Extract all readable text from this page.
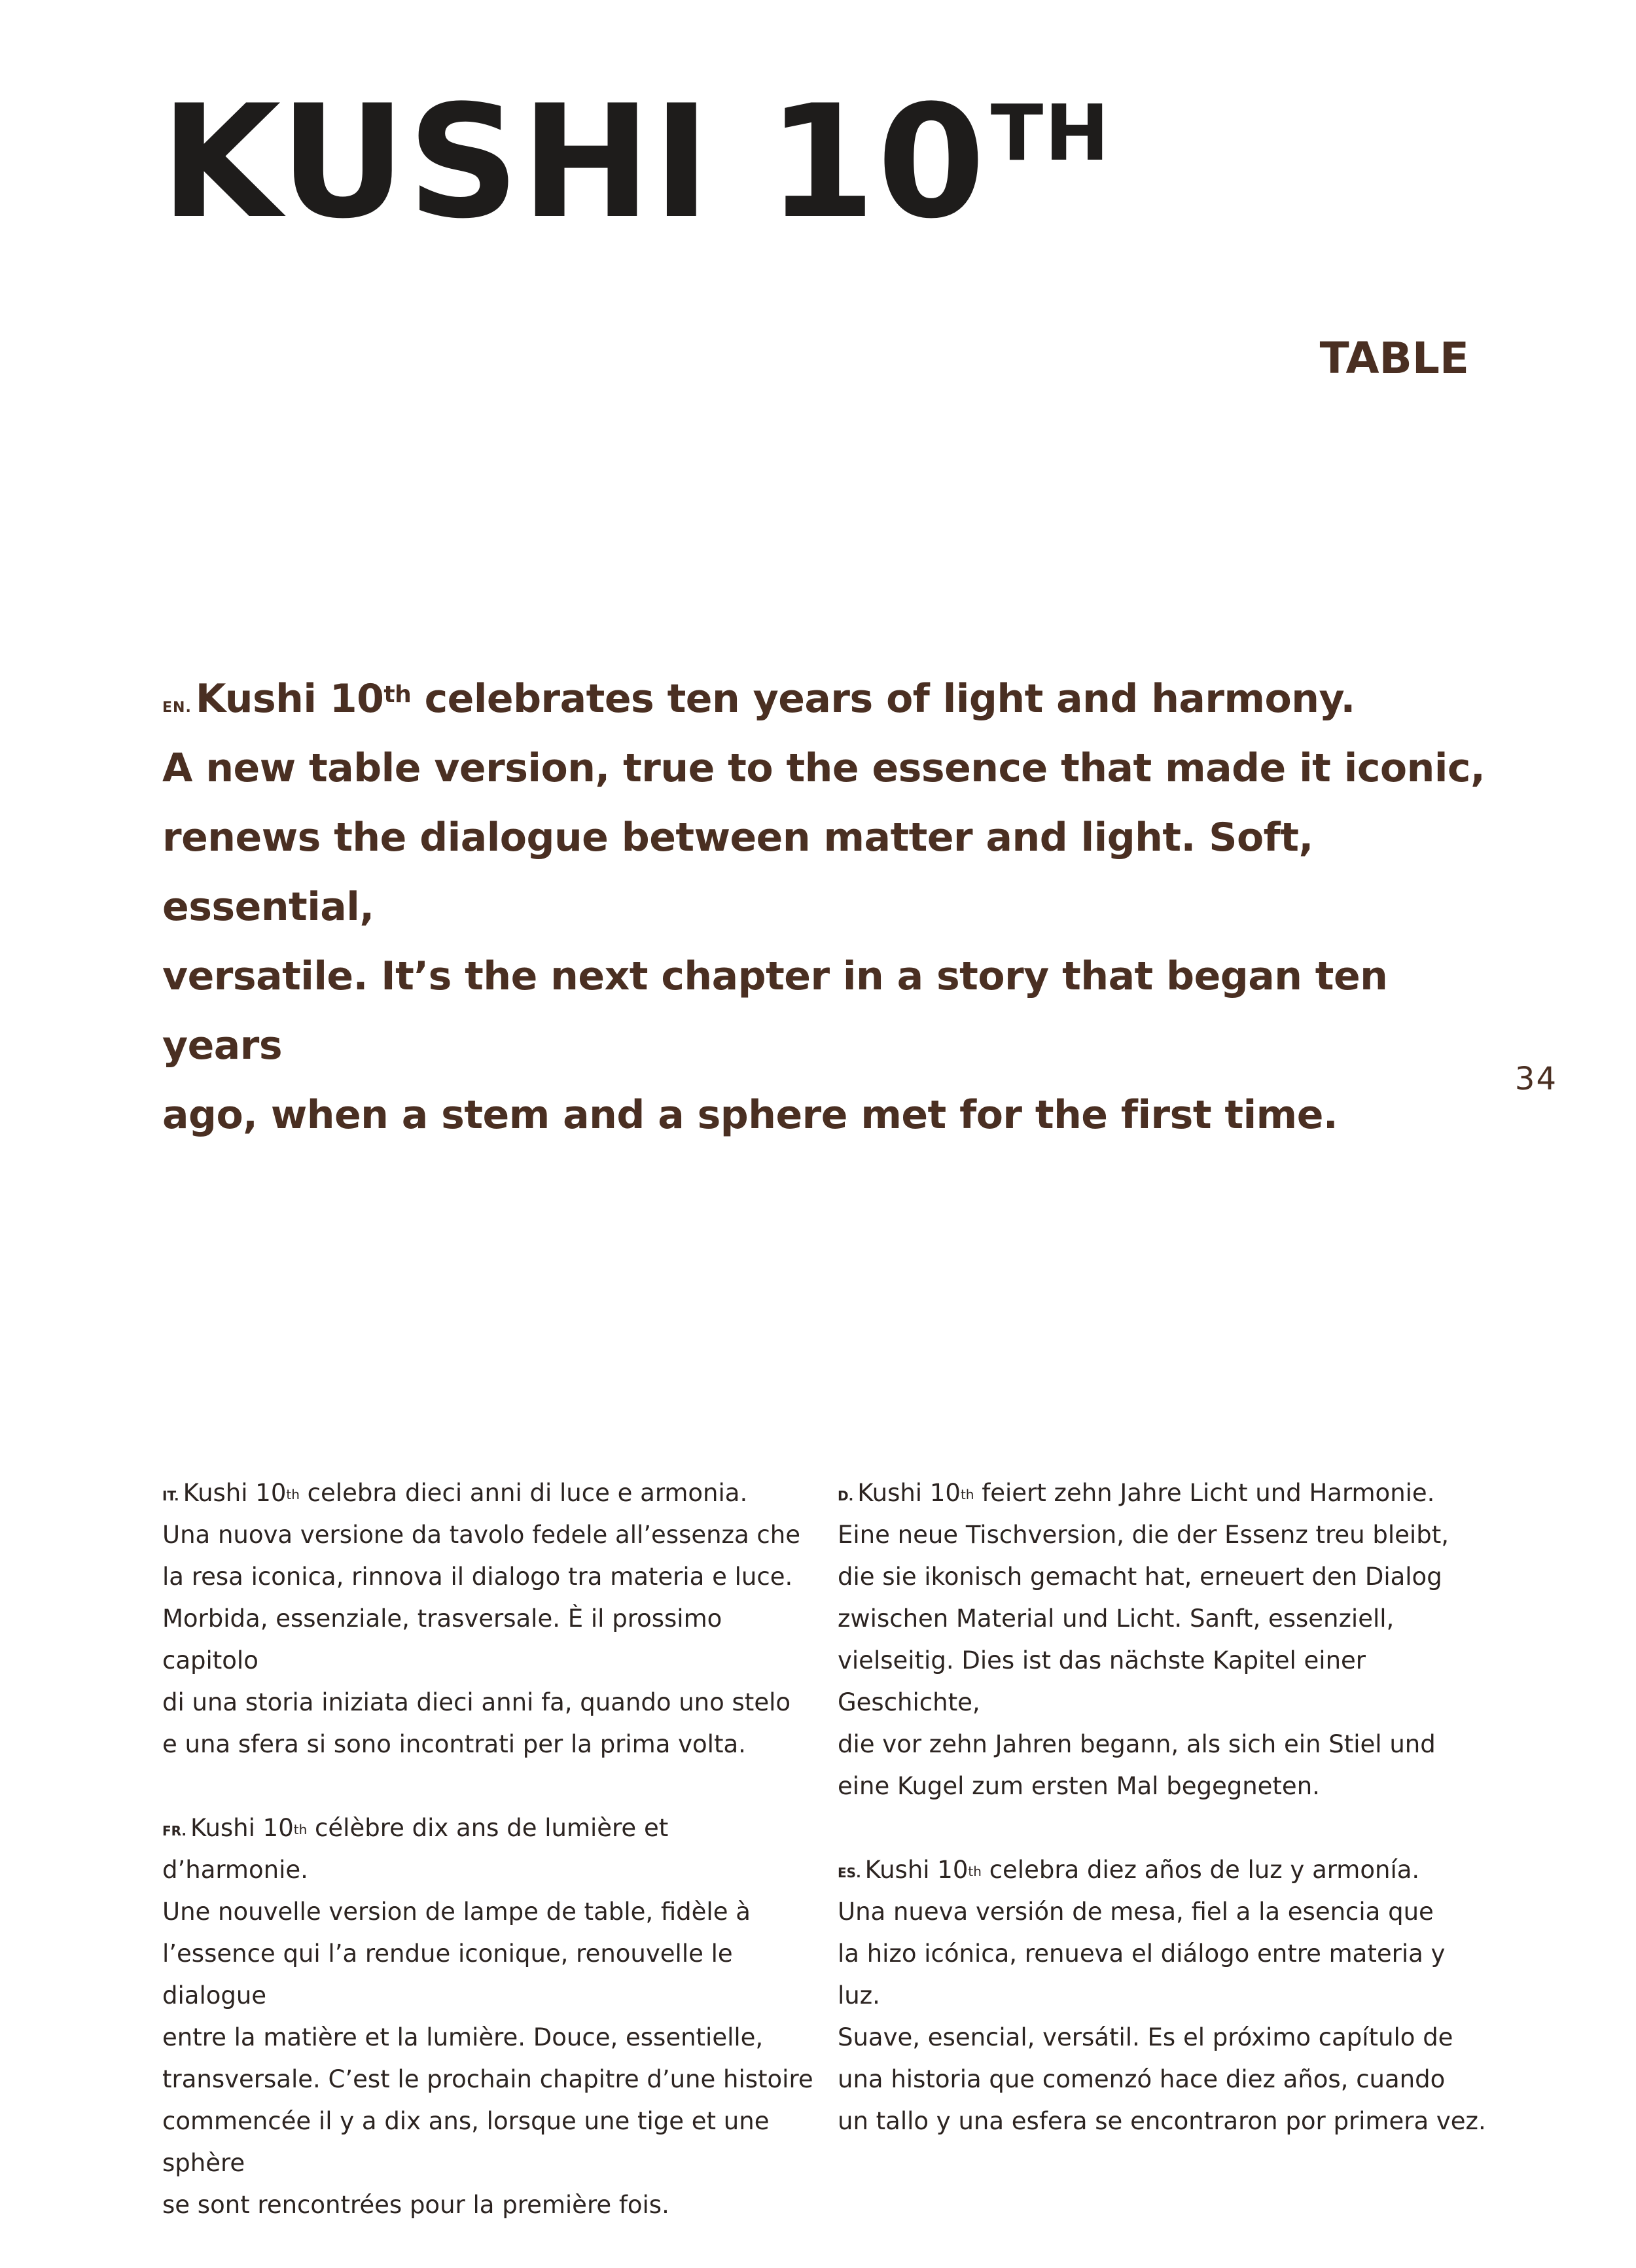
KUSHI 10TH
TABLE

$^{EN.}$ Kushi 10th celebrates ten years of light and harmony.

A new table version, true to the essence that made it iconic,

renews the dialogue between matter and light. Soft, essential,

versatile. It’s the next chapter in a story that began ten years

ago, when a stem and a sphere met for the first time.

34

$^{IT.}$ Kushi 10th celebra dieci anni di luce e armonia.

Una nuova versione da tavolo fedele all’essenza che

la resa iconica, rinnova il dialogo tra materia e luce.

Morbida, essenziale, trasversale. È il prossimo capitolo

di una storia iniziata dieci anni fa, quando uno stelo

e una sfera si sono incontrati per la prima volta.

$^{FR.}$ Kushi 10th célèbre dix ans de lumière et d’harmonie.

Une nouvelle version de lampe de table, fidèle à

l’essence qui l’a rendue iconique, renouvelle le dialogue

entre la matière et la lumière. Douce, essentielle,

transversale. C’est le prochain chapitre d’une histoire

commencée il y a dix ans, lorsque une tige et une sphère

se sont rencontrées pour la première fois.

$^{D.}$ Kushi 10th feiert zehn Jahre Licht und Harmonie.

Eine neue Tischversion, die der Essenz treu bleibt,

die sie ikonisch gemacht hat, erneuert den Dialog

zwischen Material und Licht. Sanft, essenziell,

vielseitig. Dies ist das nächste Kapitel einer Geschichte,

die vor zehn Jahren begann, als sich ein Stiel und

eine Kugel zum ersten Mal begegneten.

$^{ES.}$ Kushi 10th celebra diez años de luz y armonía.

Una nueva versión de mesa, fiel a la esencia que

la hizo icónica, renueva el diálogo entre materia y luz.

Suave, esencial, versátil. Es el próximo capítulo de

una historia que comenzó hace diez años, cuando

un tallo y una esfera se encontraron por primera vez.
